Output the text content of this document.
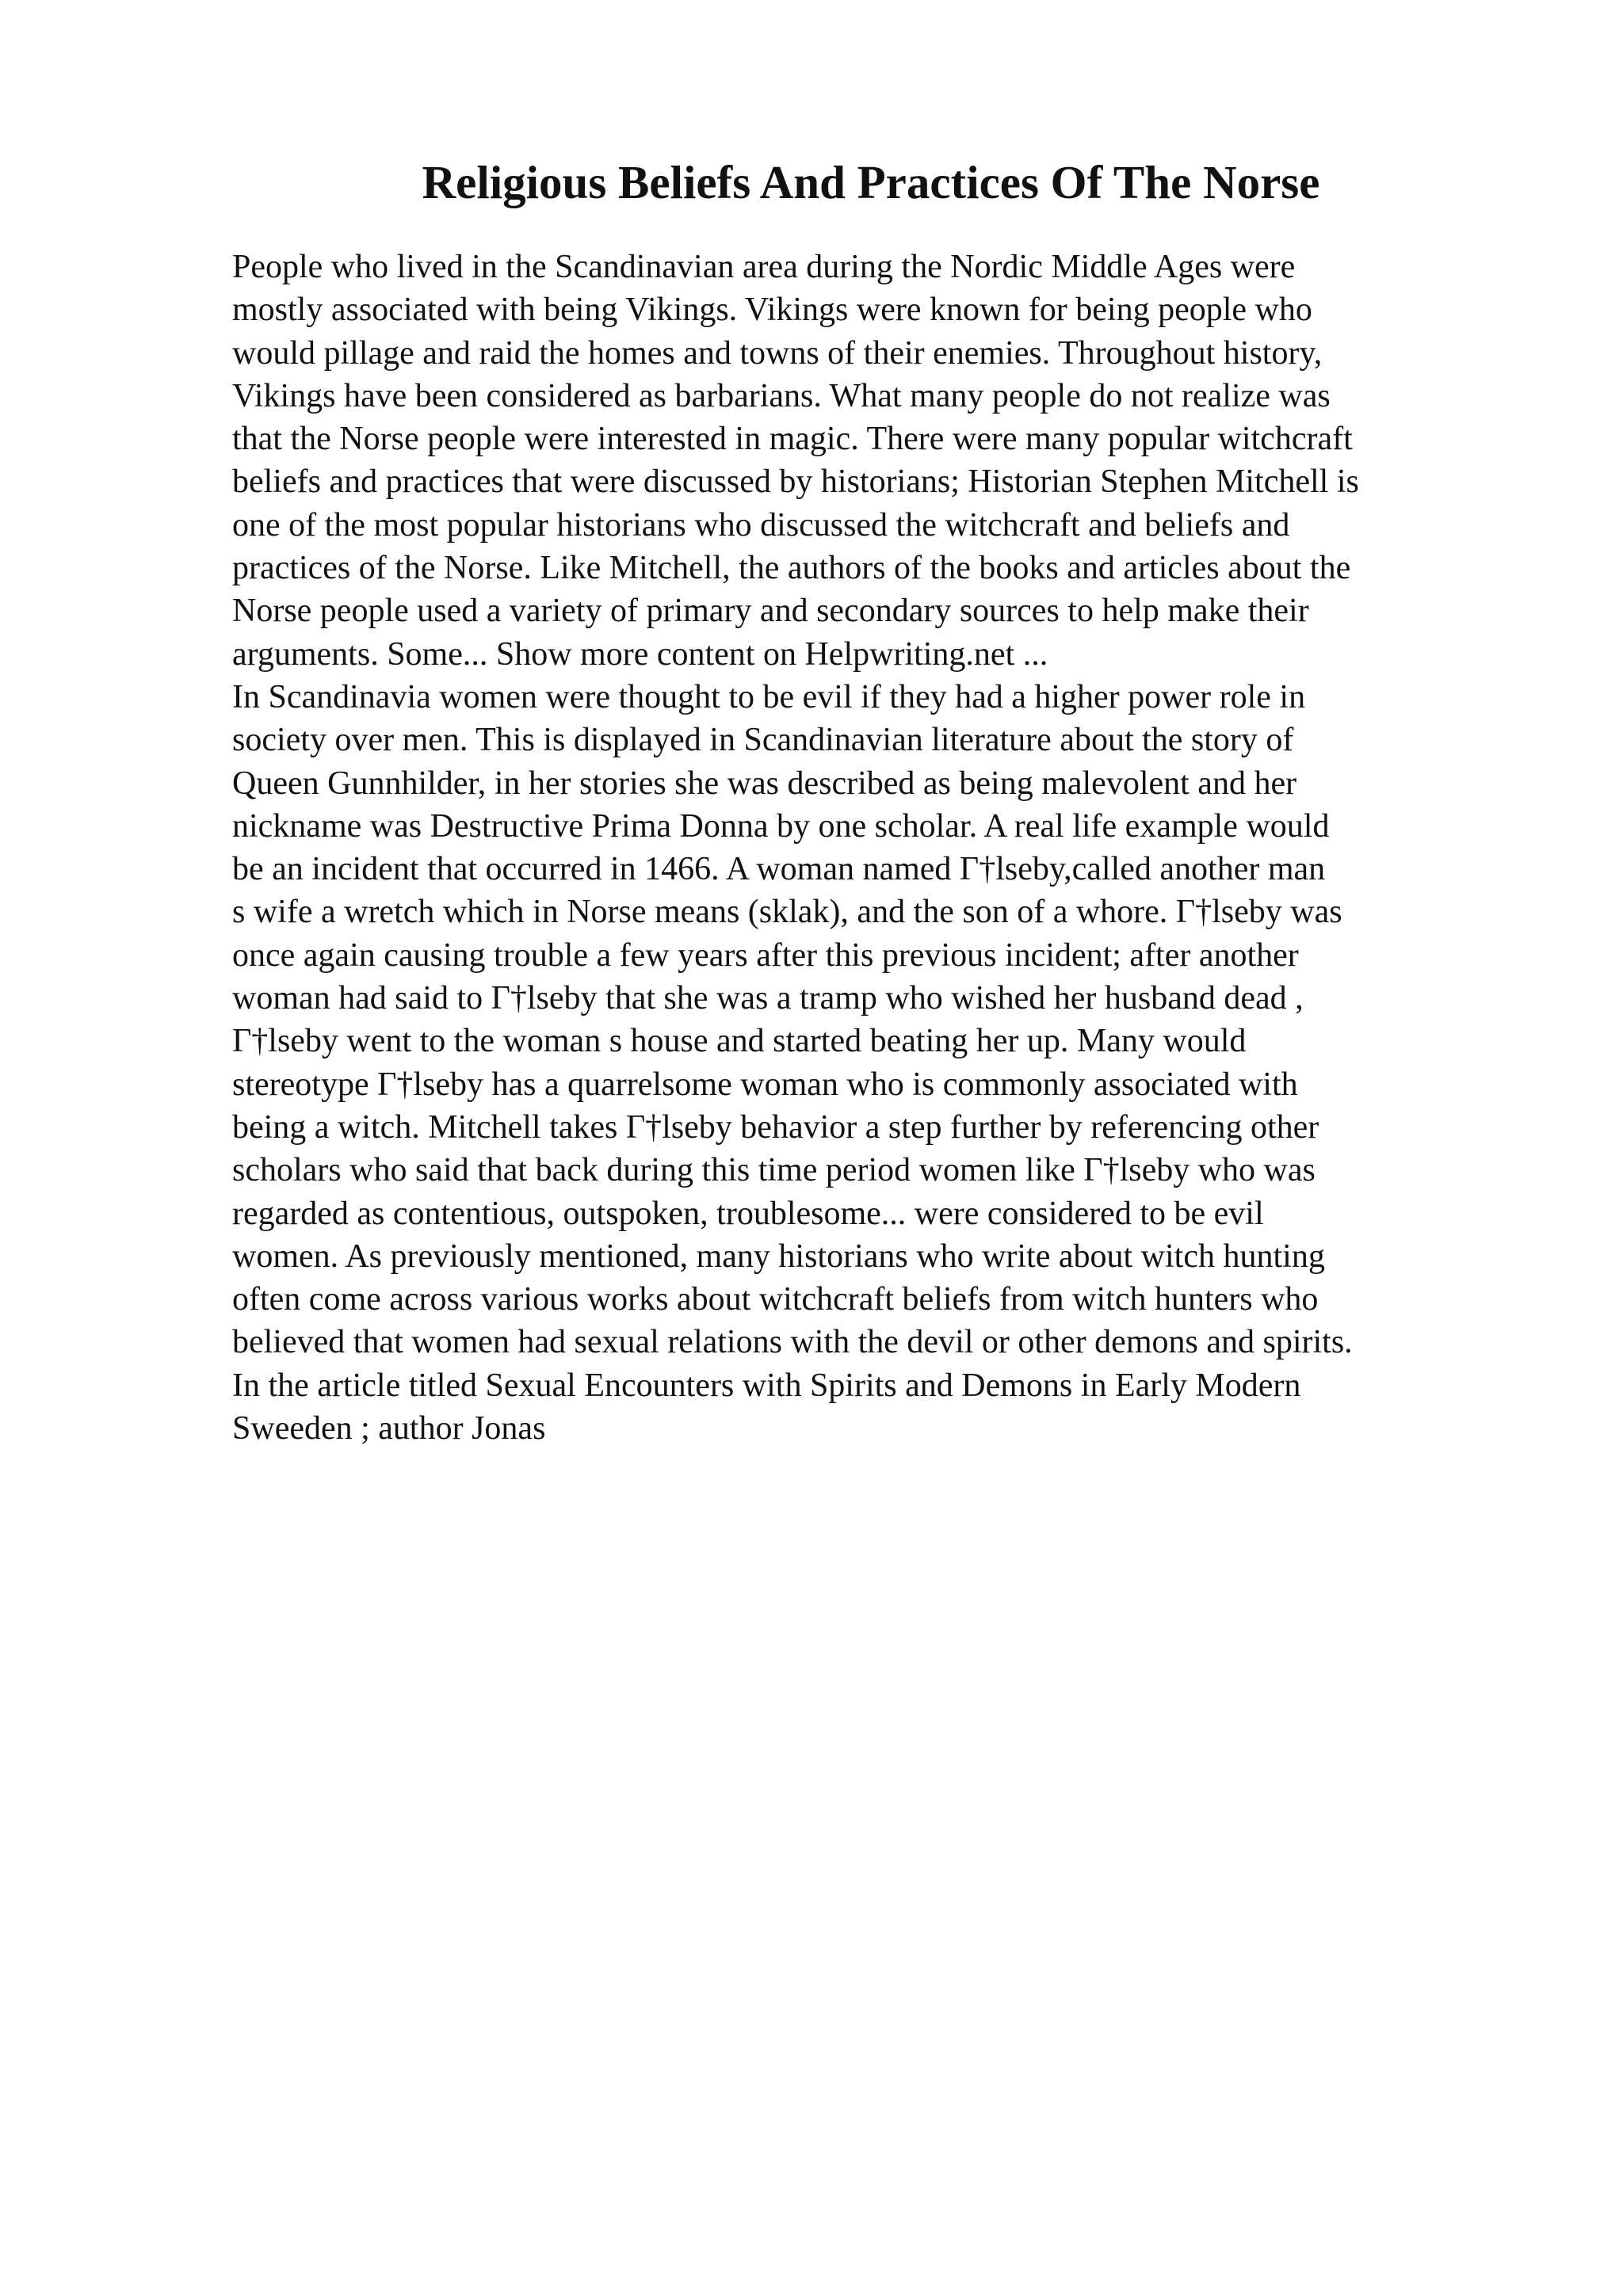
Religious Beliefs And Practices Of The Norse
People who lived in the Scandinavian area during the Nordic Middle Ages were
mostly associated with being Vikings. Vikings were known for being people who
would pillage and raid the homes and towns of their enemies. Throughout history,
Vikings have been considered as barbarians. What many people do not realize was
that the Norse people were interested in magic. There were many popular witchcraft
beliefs and practices that were discussed by historians; Historian Stephen Mitchell is
one of the most popular historians who discussed the witchcraft and beliefs and
practices of the Norse. Like Mitchell, the authors of the books and articles about the
Norse people used a variety of primary and secondary sources to help make their
arguments. Some... Show more content on Helpwriting.net ...
In Scandinavia women were thought to be evil if they had a higher power role in
society over men. This is displayed in Scandinavian literature about the story of
Queen Gunnhilder, in her stories she was described as being malevolent and her
nickname was Destructive Prima Donna by one scholar. A real life example would
be an incident that occurred in 1466. A woman named Γ†lseby,called another man
s wife a wretch which in Norse means (sklak), and the son of a whore. Γ†lseby was
once again causing trouble a few years after this previous incident; after another
woman had said to Γ†lseby that she was a tramp who wished her husband dead ,
Γ†lseby went to the woman s house and started beating her up. Many would
stereotype Γ†lseby has a quarrelsome woman who is commonly associated with
being a witch. Mitchell takes Γ†lseby behavior a step further by referencing other
scholars who said that back during this time period women like Γ†lseby who was
regarded as contentious, outspoken, troublesome... were considered to be evil
women. As previously mentioned, many historians who write about witch hunting
often come across various works about witchcraft beliefs from witch hunters who
believed that women had sexual relations with the devil or other demons and spirits.
In the article titled Sexual Encounters with Spirits and Demons in Early Modern
Sweeden ; author Jonas
